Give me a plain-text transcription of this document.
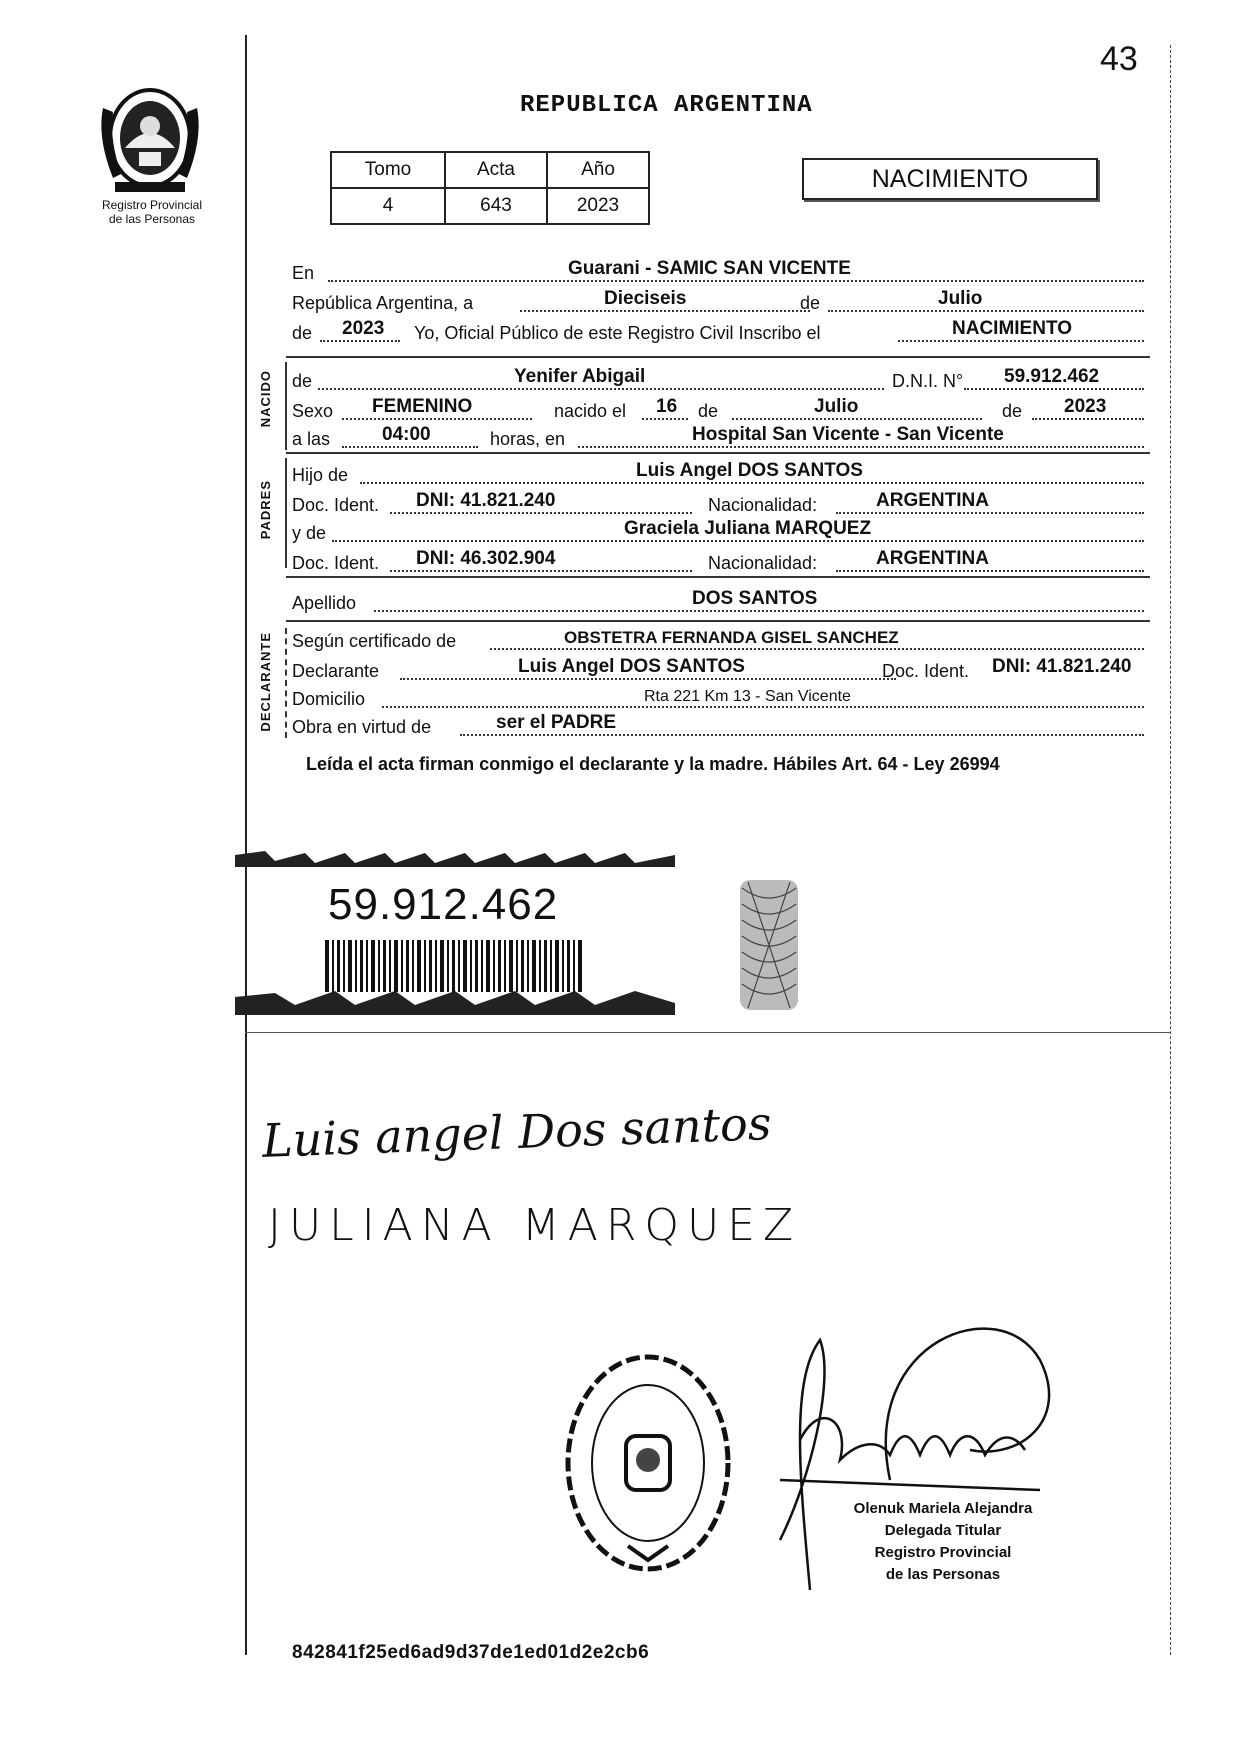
43
Registro Provincial
de las Personas
REPUBLICA ARGENTINA
Tomo	Acta	Año
4	643	2023
NACIMIENTO
En	Guarani - SAMIC SAN VICENTE
República Argentina, a	Dieciseis	de	Julio
de 2023 Yo, Oficial Público de este Registro Civil Inscribo el	NACIMIENTO
NACIDO de	Yenifer Abigail	D.N.I. N° 59.912.462
Sexo FEMENINO	nacido el 16 de	Julio	de 2023
a las	04:00	horas, en	Hospital San Vicente - San Vicente
PADRES
Hijo de	Luis Angel DOS SANTOS
Doc. Ident. DNI: 41.821.240	Nacionalidad:	ARGENTINA
y de	Graciela Juliana MARQUEZ
Doc. Ident. DNI: 46.302.904	Nacionalidad:	ARGENTINA
Apellido	DOS SANTOS
DECLARANTE Según certificado de	OBSTETRA FERNANDA GISEL SANCHEZ
Declarante	Luis Angel DOS SANTOS	Doc. Ident. DNI: 41.821.240
Domicilio	Rta 221 Km 13 - San Vicente
Obra en virtud de	ser el PADRE
Leída el acta firman conmigo el declarante y la madre. Hábiles Art. 64 - Ley 26994
59.912.462
Luis angel Dos santos
JULIANA MARQUEZ
Olenuk Mariela Alejandra
Delegada Titular
Registro Provincial
de las Personas
842841f25ed6ad9d37de1ed01d2e2cb6
